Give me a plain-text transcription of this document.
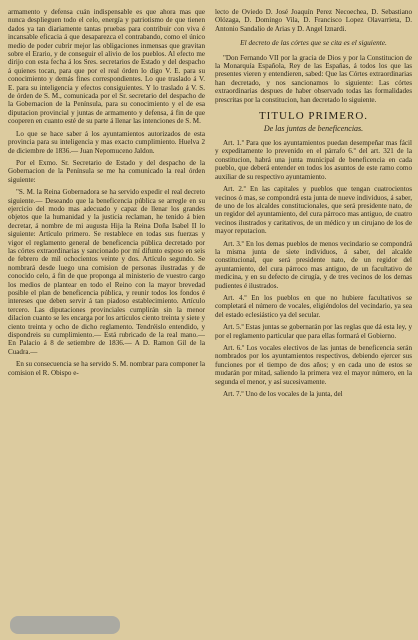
armamento y defensa cuán indispensable es que ahora mas que nunca desplieguen todo el celo, energía y patriotismo de que tienen dados ya tan diariamente tantas pruebas para contribuir con viva é incansable eficacia á que desaparezca el contrabando, como el único medio de poder cubrir mejor las obligaciones inmensas que gravitan sobre el Erario, y de conseguir el alivio de los pueblos. Al efecto me dirijo con esta fecha á los Sres. secretarios de Estado y del despacho á quienes tocan, para que por el real órden lo digo V. E. para su conocimiento y demás fines correspondientes. Lo que traslado á V. E. para su inteligencia y efectos consiguientes. Y lo traslado á V. S. de órden de S. M., comunicada por el Sr. secretario del despacho de la Gobernacion de la Península, para su conocimiento y el de esa diputacion provincial y juntas de armamento y defensa, á fin de que cooperen en cuanto esté de su parte á llenar las intenciones de S. M.

Lo que se hace saber á los ayuntamientos autorizados de esta provincia para su inteligencia y mas exacto cumplimiento. Huelva 2 de diciembre de 1836.— Juan Nepomuceno Jaldon.

Por el Exmo. Sr. Secretario de Estado y del despacho de la Gobernacion de la Península se me ha comunicado la real órden siguiente:

"S. M. la Reina Gobernadora se ha servido expedir el real decreto siguiente.— Deseando que la beneficencia pública se arregle en su ejercicio del modo mas adecuado y capaz de llenar los grandes objetos que la humanidad y la justicia reclaman, he tenido á bien decretar, á nombre de mi augusta Hija la Reina Doña Isabel II lo siguiente: Artículo primero. Se restablece en todas sus fuerzas y vigor el reglamento general de beneficencia pública decretado por las córtes extraordinarias y sancionado por mí difunto esposo en seis de febrero de mil ochocientos veinte y dos. Artículo segundo. Se nombrará desde luego una comision de personas ilustradas y de conocido celo, á fin de que proponga al ministerio de vuestro cargo los medios de plantear en todo el Reino con la mayor brevedad posible el plan de beneficencia pública, y reunir todos los fondos é intereses que deben servir á tan piadoso establecimiento. Artículo tercero. Las diputaciones provinciales cumplirán sin la menor dilacion cuanto se les encarga por los artículos ciento treinta y siete y ciento treinta y ocho de dicho reglamento. Tendréislo entendido, y dispondreis su cumplimiento.— Está rubricado de la real mano.— En Palacio á 8 de setiembre de 1836.— A D. Ramon Gil de la Cuadra.—

En su consecuencia se ha servido S. M. nombrar para componer la comision el R. Obispo e-

lecto de Oviedo D. José Joaquín Perez Necoechea, D. Sebastiano Olózaga, D. Domingo Vila, D. Francisco Lopez Olavarrieta, D. Antonio Sandalio de Arias y D. Angel Iznardi.

El decreto de las córtes que se cita es el siguiente.

"Don Fernando VII por la gracia de Dios y por la Constitucion de la Monarquía Española, Rey de las Españas, á todos los que las presentes vieren y entendieren, sabed: Que las Córtes extraordinarias han decretado, y nos sancionamos lo siguiente: Las córtes extraordinarias despues de haber observado todas las formalidades prescritas por la constitucion, han decretado lo siguiente.

TITULO PRIMERO.
De las juntas de beneficencias.

Art. 1.º Para que los ayuntamientos puedan desempeñar mas fácil y expeditamente lo prevenido en el párrafo 6.º del art. 321 de la constitucion, habrá una junta municipal de beneficencia en cada pueblo, que deberá entender en todos los asuntos de este ramo como auxiliar de su respectivo ayuntamiento.

Art. 2.º En las capitales y pueblos que tengan cuatrocientos vecinos ó mas, se compondrá esta junta de nueve individuos, á saber, de uno de los alcaldes constitucionales, que será presidente nato, de un regidor del ayuntamiento, del cura párroco mas antiguo, de cuatro vecinos ilustrados y caritativos, de un médico y un cirujano de los de mayor reputacion.

Art. 3.º En los demas pueblos de menos vecindario se compondrá la misma junta de siete individuos, á saber, del alcalde constitucional, que será presidente nato, de un regidor del ayuntamiento, del cura párroco mas antiguo, de un facultativo de medicina, y en su defecto de cirugía, y de tres vecinos de los demas pudientes é ilustrados.

Art. 4.º En los pueblos en que no hubiere facultativos se completará el número de vocales, eligiéndolos del vecindario, ya sea del estado eclesiástico ya del secular.

Art. 5.º Estas juntas se gobernarán por las reglas que dá esta ley, y por el reglamento particular que para ellas formará el Gobierno.

Art. 6.º Los vocales electivos de las juntas de beneficencia serán nombrados por los ayuntamientos respectivos, debiendo ejercer sus funciones por el tiempo de dos años; y en cada uno de estos se mudarán por mitad, saliendo la primera vez el mayor número, en la segunda el menor, y así sucesivamente.

Art. 7.º Uno de los vocales de la junta, del
